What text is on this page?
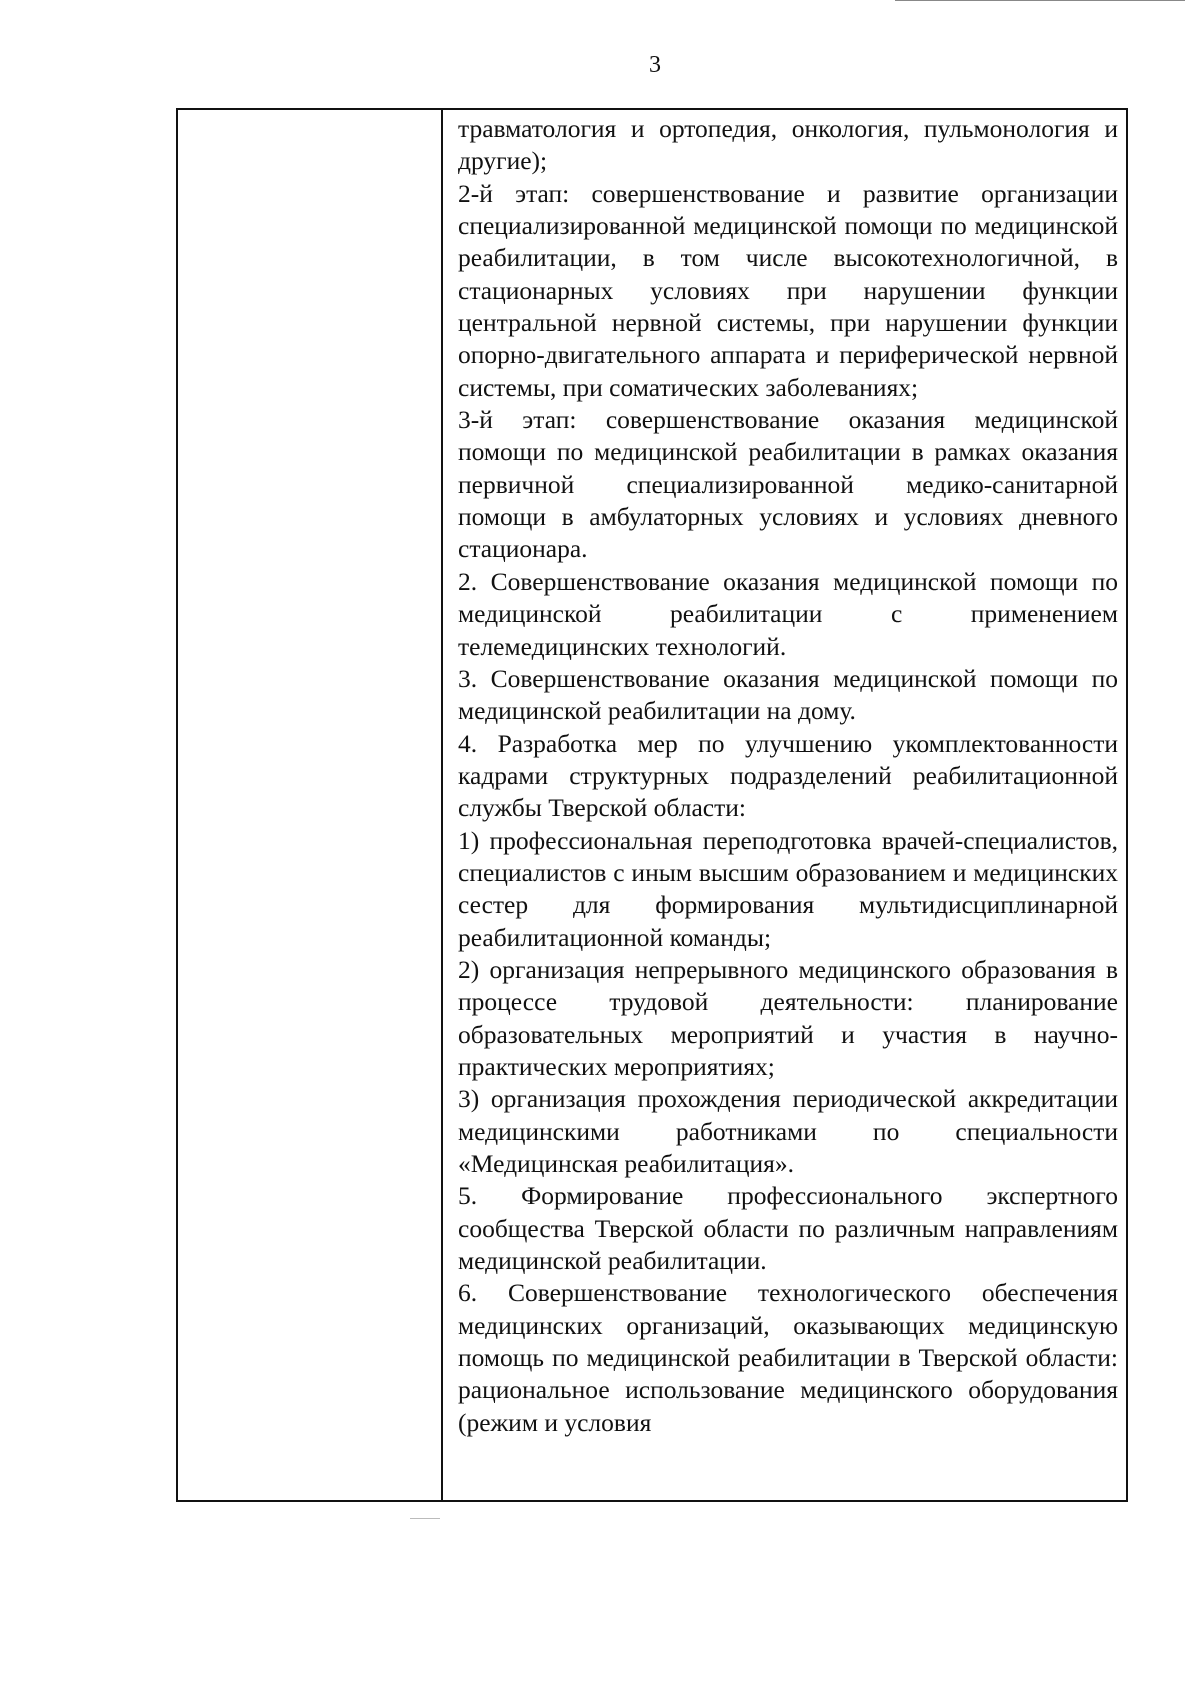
3

травматология и ортопедия, онкология, пульмонология и другие);

2-й этап: совершенствование и развитие организации специализированной медицинской помощи по медицинской реабилитации, в том числе высокотехнологичной, в стационарных условиях при нарушении функции центральной нервной системы, при нарушении функции опорно-двигательного аппарата и периферической нервной системы, при соматических заболеваниях;

3-й этап: совершенствование оказания медицинской помощи по медицинской реабилитации в рамках оказания первичной специализированной медико-санитарной помощи в амбулаторных условиях и условиях дневного стационара.

2. Совершенствование оказания медицинской помощи по медицинской реабилитации с применением телемедицинских технологий.

3. Совершенствование оказания медицинской помощи по медицинской реабилитации на дому.

4. Разработка мер по улучшению укомплектованности кадрами структурных подразделений реабилитационной службы Тверской области:

1) профессиональная переподготовка врачей-специалистов, специалистов с иным высшим образованием и медицинских сестер для формирования мультидисциплинарной реабилитационной команды;

2) организация непрерывного медицинского образования в процессе трудовой деятельности: планирование образовательных мероприятий и участия в научно-практических мероприятиях;

3) организация прохождения периодической аккредитации медицинскими работниками по специальности «Медицинская реабилитация».

5. Формирование профессионального экспертного сообщества Тверской области по различным направлениям медицинской реабилитации.

6. Совершенствование технологического обеспечения медицинских организаций, оказывающих медицинскую помощь по медицинской реабилитации в Тверской области: рациональное использование медицинского оборудования (режим и условия
